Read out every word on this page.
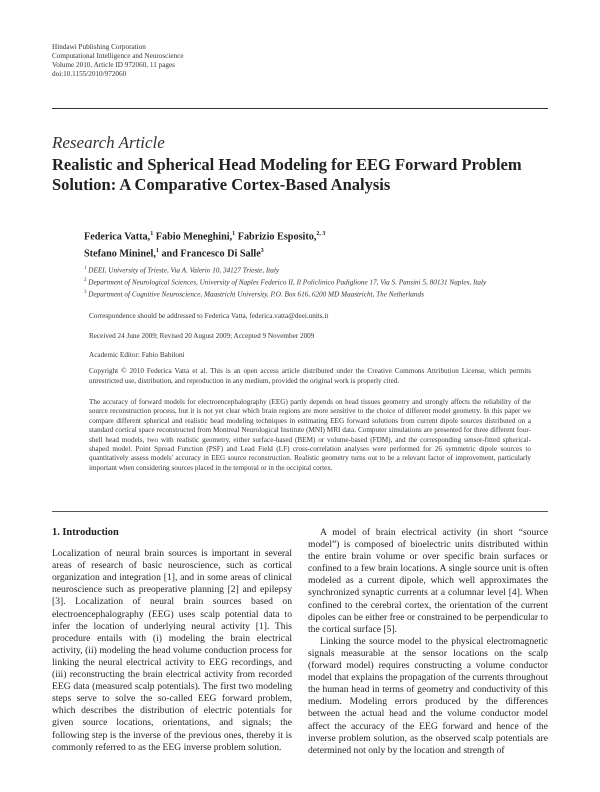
Hindawi Publishing Corporation
Computational Intelligence and Neuroscience
Volume 2010, Article ID 972060, 11 pages
doi:10.1155/2010/972060
Research Article
Realistic and Spherical Head Modeling for EEG Forward Problem Solution: A Comparative Cortex-Based Analysis
Federica Vatta,$^1$ Fabio Meneghini,$^1$ Fabrizio Esposito,$^{2, 3}$
Stefano Mininel,$^1$ and Francesco Di Salle$^3$
$^1$ DEEI, University of Trieste, Via A. Valerio 10, 34127 Trieste, Italy
$^2$ Department of Neurological Sciences, University of Naples Federico II, Il Policlinico Padiglione 17, Via S. Pansini 5, 80131 Naples, Italy
$^3$ Department of Cognitive Neuroscience, Maastricht University, P.O. Box 616, 6200 MD Maastricht, The Netherlands
Correspondence should be addressed to Federica Vatta, federica.vatta@deei.units.it
Received 24 June 2009; Revised 20 August 2009; Accepted 9 November 2009
Academic Editor: Fabio Babiloni
Copyright © 2010 Federica Vatta et al. This is an open access article distributed under the Creative Commons Attribution License, which permits unrestricted use, distribution, and reproduction in any medium, provided the original work is properly cited.
The accuracy of forward models for electroencephalography (EEG) partly depends on head tissues geometry and strongly affects the reliability of the source reconstruction process, but it is not yet clear which brain regions are more sensitive to the choice of different model geometry. In this paper we compare different spherical and realistic head modeling techniques in estimating EEG forward solutions from current dipole sources distributed on a standard cortical space reconstructed from Montreal Neurological Institute (MNI) MRI data. Computer simulations are presented for three different four-shell head models, two with realistic geometry, either surface-based (BEM) or volume-based (FDM), and the corresponding sensor-fitted spherical-shaped model. Point Spread Function (PSF) and Lead Field (LF) cross-correlation analyses were performed for 26 symmetric dipole sources to quantitatively assess models' accuracy in EEG source reconstruction. Realistic geometry turns out to be a relevant factor of improvement, particularly important when considering sources placed in the temporal or in the occipital cortex.

1. Introduction

Localization of neural brain sources is important in several areas of research of basic neuroscience, such as cortical organization and integration [1], and in some areas of clinical neuroscience such as preoperative planning [2] and epilepsy [3]. Localization of neural brain sources based on electroencephalography (EEG) uses scalp potential data to infer the location of underlying neural activity [1]. This procedure entails with (i) modeling the brain electrical activity, (ii) modeling the head volume conduction process for linking the neural electrical activity to EEG recordings, and (iii) reconstructing the brain electrical activity from recorded EEG data (measured scalp potentials). The first two modeling steps serve to solve the so-called EEG forward problem, which describes the distribution of electric potentials for given source locations, orientations, and signals; the following step is the inverse of the previous ones, thereby it is commonly referred to as the EEG inverse problem solution.

A model of brain electrical activity (in short “source model”) is composed of bioelectric units distributed within the entire brain volume or over specific brain surfaces or confined to a few brain locations. A single source unit is often modeled as a current dipole, which well approximates the synchronized synaptic currents at a columnar level [4]. When confined to the cerebral cortex, the orientation of the current dipoles can be either free or constrained to be perpendicular to the cortical surface [5].

Linking the source model to the physical electromagnetic signals measurable at the sensor locations on the scalp (forward model) requires constructing a volume conductor model that explains the propagation of the currents throughout the human head in terms of geometry and conductivity of this medium. Modeling errors produced by the differences between the actual head and the volume conductor model affect the accuracy of the EEG forward and hence of the inverse problem solution, as the observed scalp potentials are determined not only by the location and strength of
